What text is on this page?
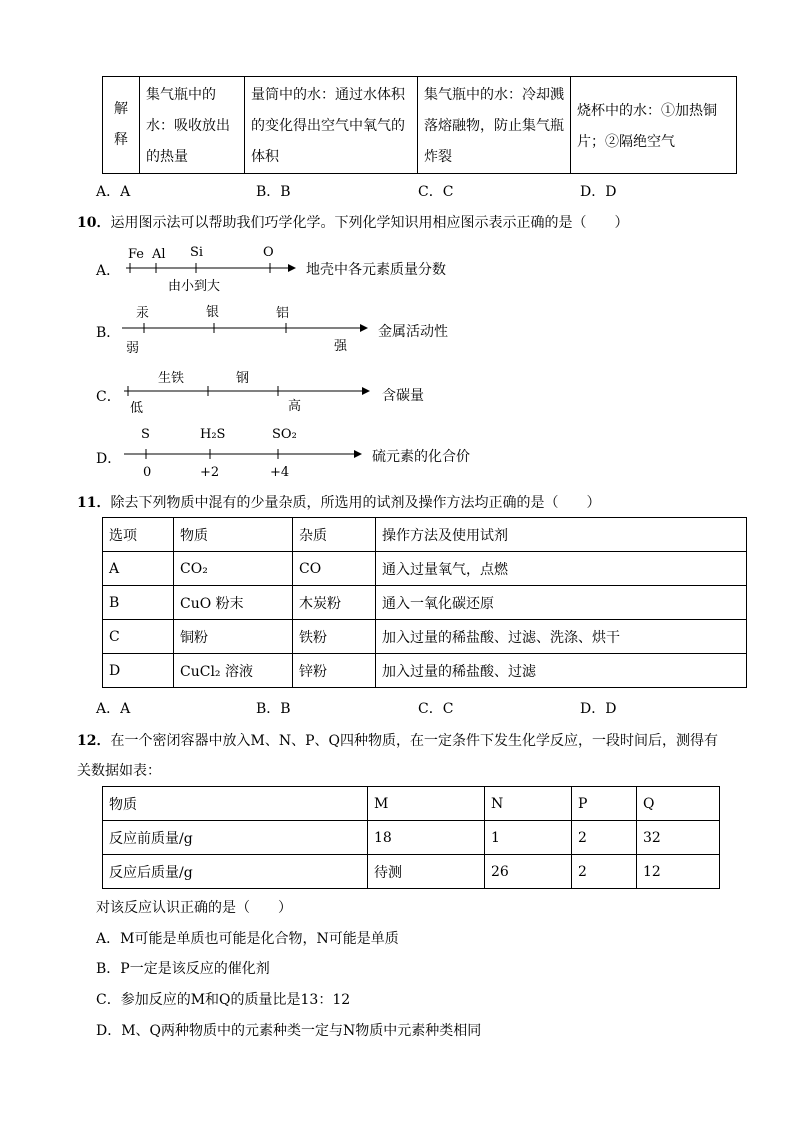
解释
	集气瓶中的水：吸收放出的热量	量筒中的水：通过水体积的变化得出空气中氧气的体积	集气瓶中的水：冷却溅落熔融物，防止集气瓶炸裂	烧杯中的水：①加热铜片；②隔绝空气
A．A	B．B	C．C	D．D
10．运用图示法可以帮助我们巧学化学。下列化学知识用相应图示表示正确的是（　　）
A．
Fe Al Si	O
由小到大
地壳中各元素质量分数
B．
汞	银	铝
弱	强
金属活动性
C．
生铁	钢
低	高
含碳量
D．
S	H₂S	SO₂
0	+2	+4
硫元素的化合价
11．除去下列物质中混有的少量杂质，所选用的试剂及操作方法均正确的是（　　）
选项	物质	杂质	操作方法及使用试剂
A	CO₂	CO	通入过量氧气，点燃
B	CuO 粉末	木炭粉	通入一氧化碳还原
C	铜粉	铁粉	加入过量的稀盐酸、过滤、洗涤、烘干
D	CuCl₂ 溶液	锌粉	加入过量的稀盐酸、过滤
A．A	B．B	C．C	D．D
12．在一个密闭容器中放入M、N、P、Q四种物质，在一定条件下发生化学反应，一段时间后，测得有
关数据如表：
物质	M	N	P	Q
反应前质量/g	18	1	2	32
反应后质量/g	待测	26	2	12
对该反应认识正确的是（　　）
A．M可能是单质也可能是化合物，N可能是单质
B．P一定是该反应的催化剂
C．参加反应的M和Q的质量比是13：12
D．M、Q两种物质中的元素种类一定与N物质中元素种类相同
